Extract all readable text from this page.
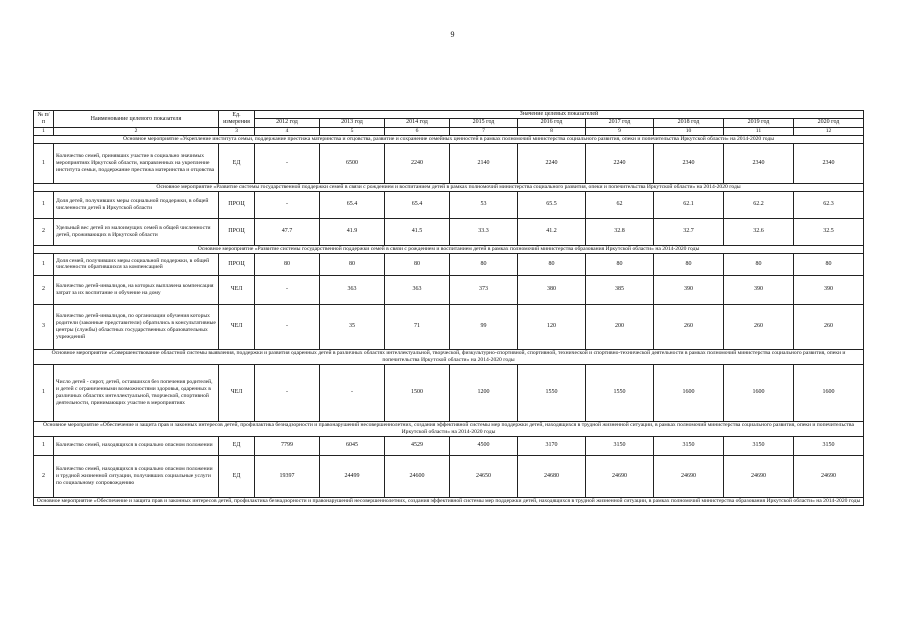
9
№ п/п	Наименование целевого показателя	Ед. измерения	Значение целевых показателей								
			2012 год	2013 год	2014 год	2015 год	2016 год	2017 год	2018 год	2019 год	2020 год
1	2	3	4	5	6	7	8	9	10	11	12
Основное мероприятие «Укрепление института семьи, поддержание престижа материнства и отцовства, развитие и сохранение семейных ценностей в рамках полномочий министерства социального развития, опеки и попечительства Иркутской области» на 2014-2020 годы											
1	Количество семей, принявших участие в социально значимых мероприятиях Иркутской области, направленных на укрепление института семьи, поддержание престижа материнства и отцовства	ЕД	-	6500	2240	2140	2240	2240	2340	2340	2340
Основное мероприятие «Развитие системы государственной поддержки семей в связи с рождением и воспитанием детей в рамках полномочий министерства социального развития, опеки и попечительства Иркутской области» на 2014-2020 годы											
1	Доля детей, получивших меры социальной поддержки, в общей численности детей в Иркутской области	ПРОЦ	-	65.4	65.4	53	65.5	62	62.1	62.2	62.3
2	Удельный вес детей из малоимущих семей в общей численности детей, проживающих в Иркутской области	ПРОЦ	47.7	41.9	41.5	33.3	41.2	32.8	32.7	32.6	32.5
Основное мероприятие «Развитие системы государственной поддержки семей в связи с рождением и воспитанием детей в рамках полномочий министерства образования Иркутской области» на 2014-2020 годы											
1	Доля семей, получивших меры социальной поддержки, в общей численности обратившихся за компенсацией	ПРОЦ	80	80	80	80	80	80	80	80	80
2	Количество детей-инвалидов, на которых выплачена компенсация затрат за их воспитание и обучение на дому	ЧЕЛ	-	363	363	373	380	385	390	390	390
3	Количество детей-инвалидов, по организации обучения которых родители (законные представители) обратились в консультативные центры (службы) областных государственных образовательных учреждений	ЧЕЛ	-	35	71	99	120	200	260	260	260
Основное мероприятие «Совершенствование областной системы выявления, поддержки и развития одаренных детей в различных областях интеллектуальной, творческой, физкультурно-спортивной, спортивной, технической и спортивно-технической деятельности в рамках полномочий министерства социального развития, опеки и попечительства Иркутской области» на 2014-2020 годы											
1	Число детей - сирот, детей, оставшихся без попечения родителей, и детей с ограниченными возможностями здоровья, одаренных в различных областях интеллектуальной, творческой, спортивной деятельности, принимающих участие в мероприятиях	ЧЕЛ	-	-	1500	1200	1550	1550	1600	1600	1600
Основное мероприятие «Обеспечение и защита прав и законных интересов детей, профилактика безнадзорности и правонарушений несовершеннолетних, создания эффективной системы мер поддержки детей, находящихся в трудной жизненной ситуации, в рамках полномочий министерства социального развития, опеки и попечительства Иркутской области» на 2014-2020 годы											
1	Количество семей, находящихся в социально опасном положении	ЕД	7799	6045	4529	4500	3170	3150	3150	3150	3150
2	Количество семей, находящихся в социально опасном положении и трудной жизненной ситуации, получивших социальные услуги по социальному сопровождению	ЕД	19397	24499	24600	24650	24680	24690	24690	24690	24690
Основное мероприятие «Обеспечение и защита прав и законных интересов детей, профилактика безнадзорности и правонарушений несовершеннолетних, создания эффективной системы мер поддержки детей, находящихся в трудной жизненной ситуации, в рамках полномочий министерства образования Иркутской области» на 2014-2020 годы											
